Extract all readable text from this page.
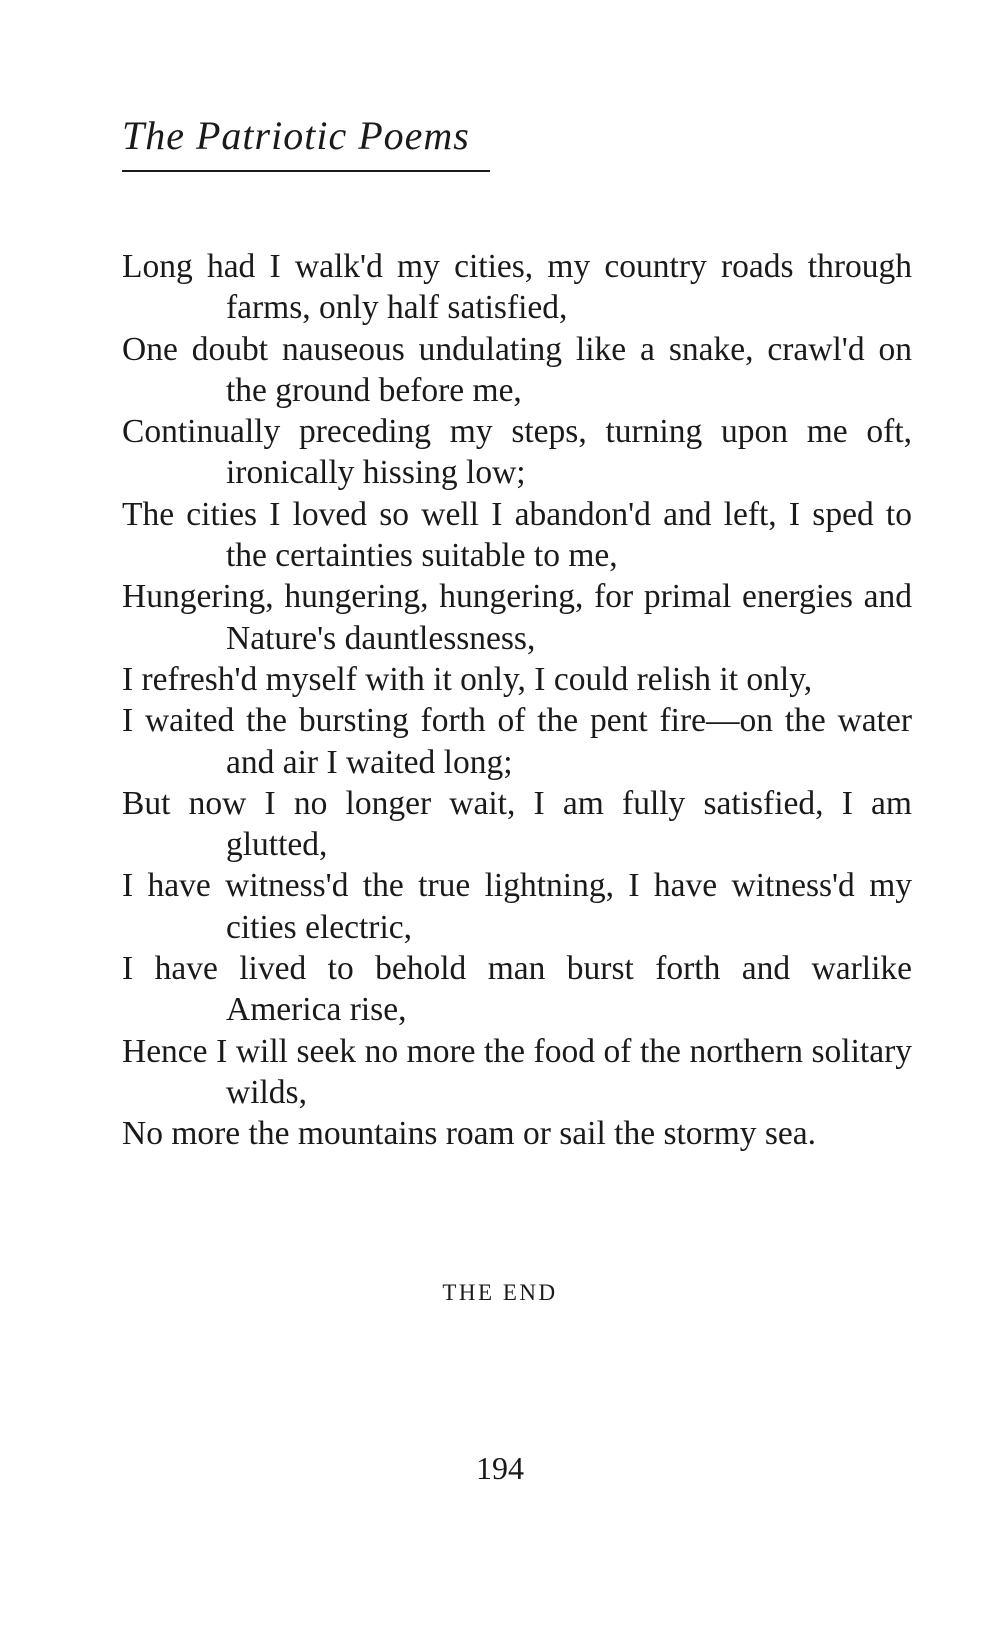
The Patriotic Poems
Long had I walk'd my cities, my country roads through farms, only half satisfied,
One doubt nauseous undulating like a snake, crawl'd on the ground before me,
Continually preceding my steps, turning upon me oft, ironically hissing low;
The cities I loved so well I abandon'd and left, I sped to the certainties suitable to me,
Hungering, hungering, hungering, for primal energies and Nature's dauntlessness,
I refresh'd myself with it only, I could relish it only,
I waited the bursting forth of the pent fire—on the water and air I waited long;
But now I no longer wait, I am fully satisfied, I am glutted,
I have witness'd the true lightning, I have witness'd my cities electric,
I have lived to behold man burst forth and warlike America rise,
Hence I will seek no more the food of the northern solitary wilds,
No more the mountains roam or sail the stormy sea.
THE END
194
